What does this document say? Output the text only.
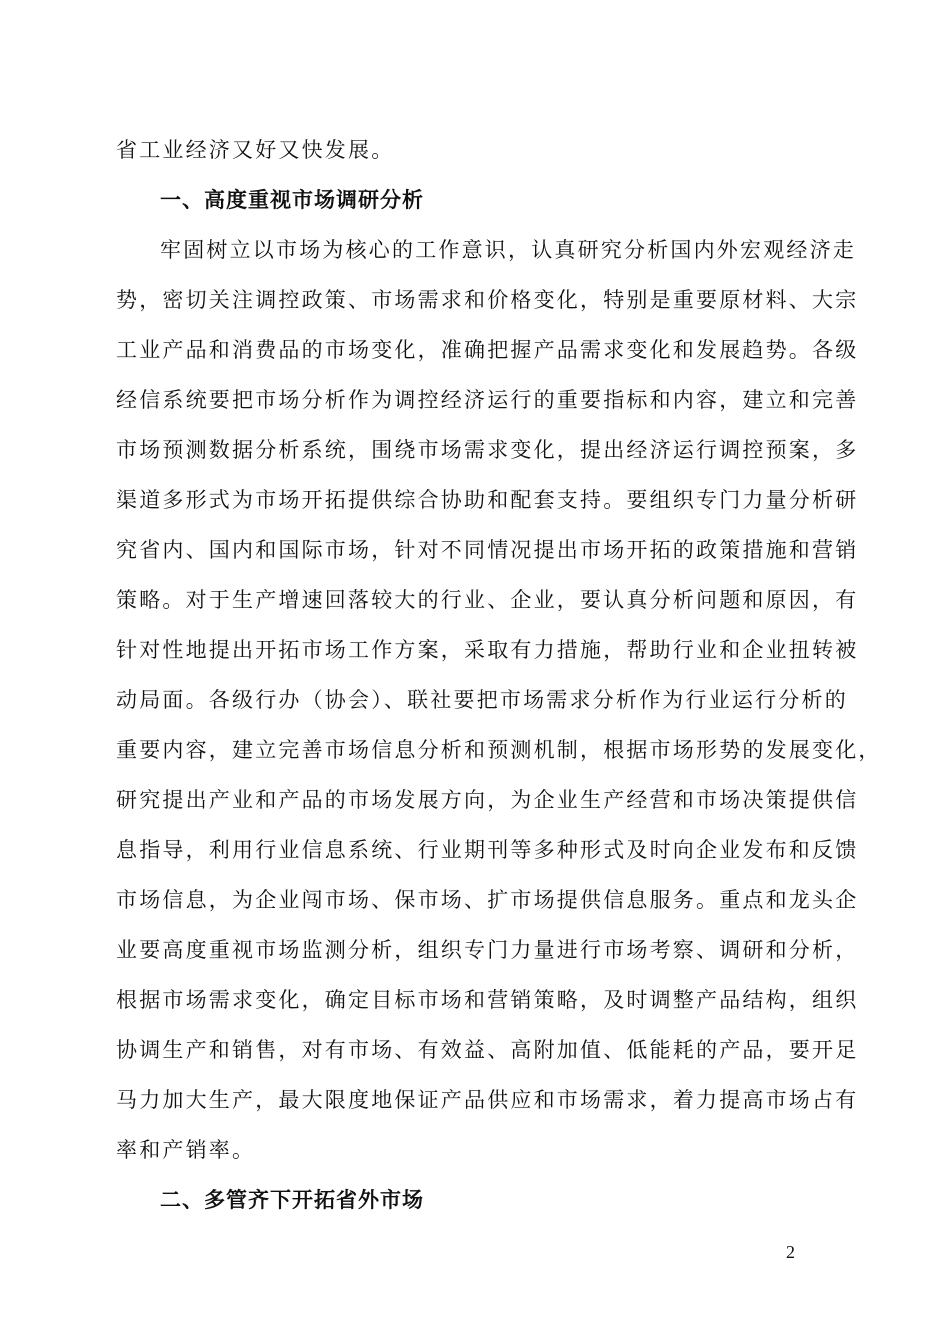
省工业经济又好又快发展。
一、高度重视市场调研分析
牢固树立以市场为核心的工作意识，认真研究分析国内外宏观经济走
势，密切关注调控政策、市场需求和价格变化，特别是重要原材料、大宗
工业产品和消费品的市场变化，准确把握产品需求变化和发展趋势。各级
经信系统要把市场分析作为调控经济运行的重要指标和内容，建立和完善
市场预测数据分析系统，围绕市场需求变化，提出经济运行调控预案，多
渠道多形式为市场开拓提供综合协助和配套支持。要组织专门力量分析研
究省内、国内和国际市场，针对不同情况提出市场开拓的政策措施和营销
策略。对于生产增速回落较大的行业、企业，要认真分析问题和原因，有
针对性地提出开拓市场工作方案，采取有力措施，帮助行业和企业扭转被
动局面。各级行办（协会）、联社要把市场需求分析作为行业运行分析的
重要内容，建立完善市场信息分析和预测机制，根据市场形势的发展变化，
研究提出产业和产品的市场发展方向，为企业生产经营和市场决策提供信
息指导，利用行业信息系统、行业期刊等多种形式及时向企业发布和反馈
市场信息，为企业闯市场、保市场、扩市场提供信息服务。重点和龙头企
业要高度重视市场监测分析，组织专门力量进行市场考察、调研和分析，
根据市场需求变化，确定目标市场和营销策略，及时调整产品结构，组织
协调生产和销售，对有市场、有效益、高附加值、低能耗的产品，要开足
马力加大生产，最大限度地保证产品供应和市场需求，着力提高市场占有
率和产销率。
二、多管齐下开拓省外市场
2
